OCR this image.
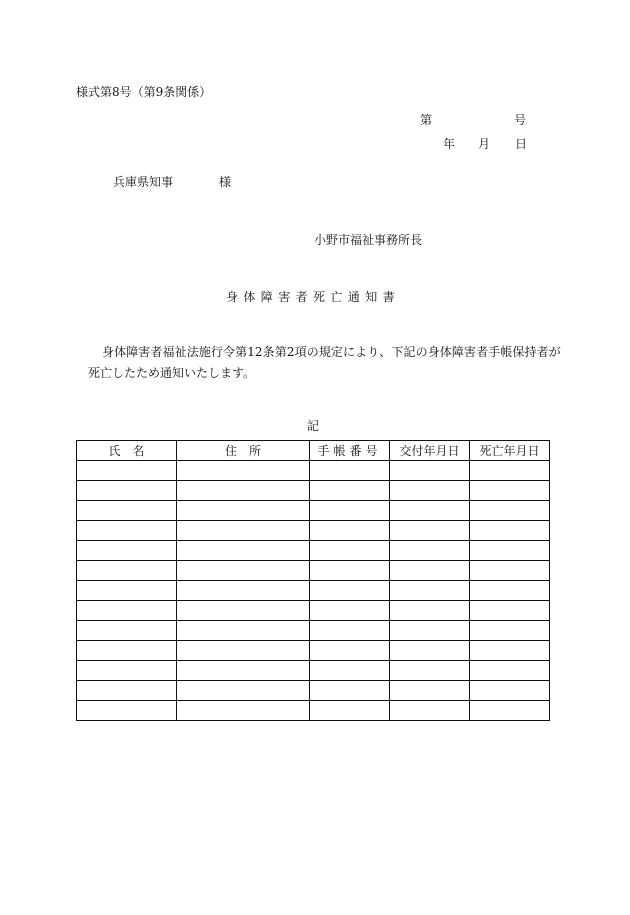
様式第8号（第9条関係）
第	号
年 月 日
兵庫県知事	様
小野市福祉事務所長
身体障害者死亡通知書
身体障害者福祉法施行令第12条第2項の規定により、下記の身体障害者手帳保持者が
死亡したため通知いたします。
記
氏　名	住　所	手帳番号	交付年月日	死亡年月日
